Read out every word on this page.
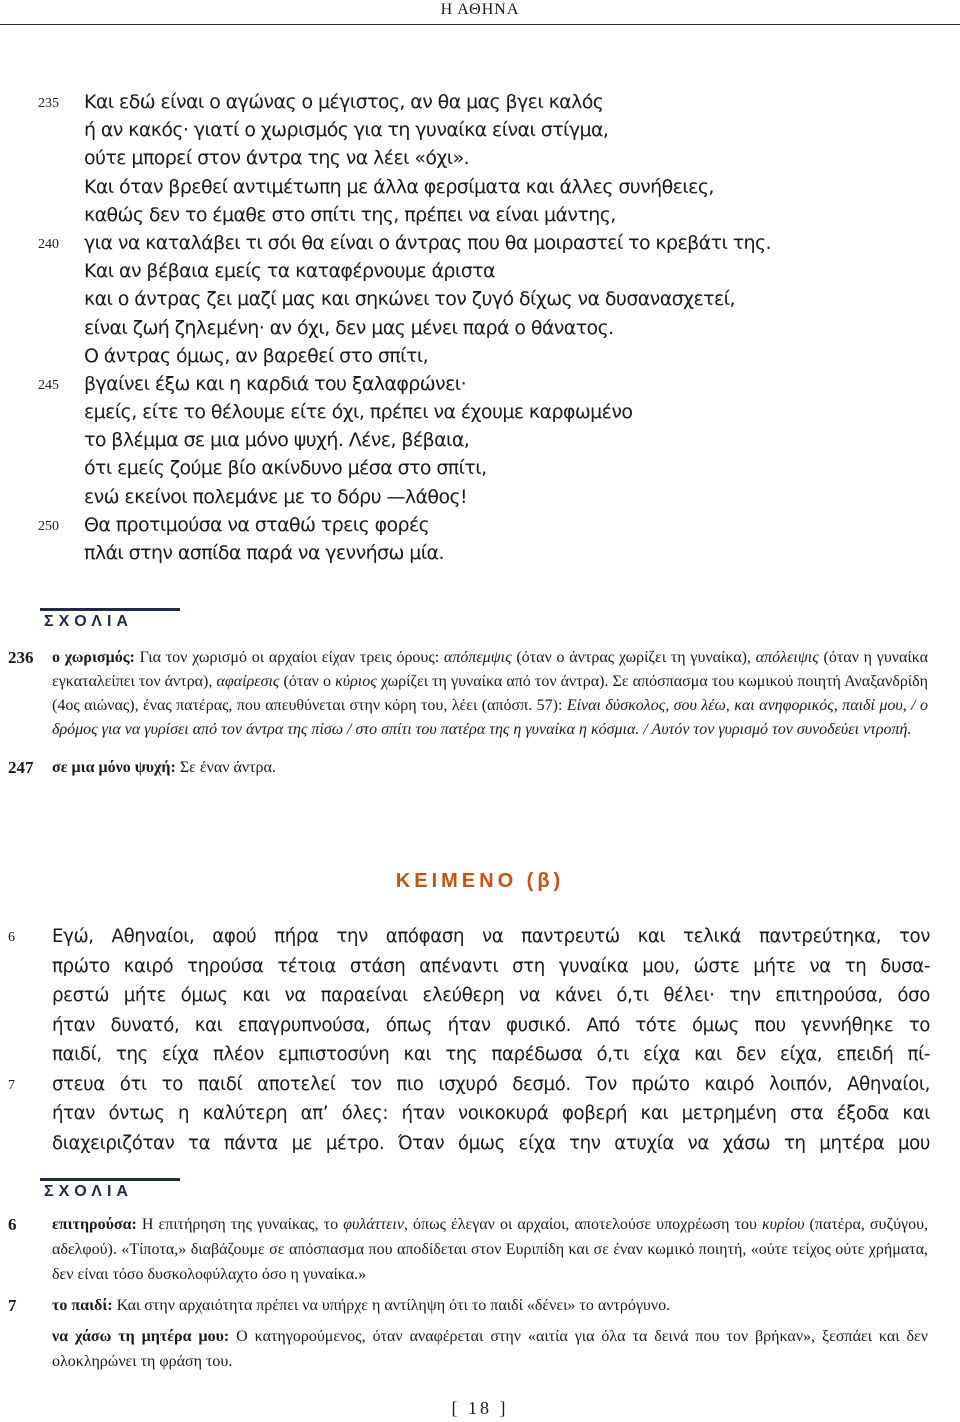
Η ΑΘΗΝΑ
235 Και εδώ είναι ο αγώνας ο μέγιστος, αν θα μας βγει καλός
ή αν κακός· γιατί ο χωρισμός για τη γυναίκα είναι στίγμα,
ούτε μπορεί στον άντρα της να λέει «όχι».
Και όταν βρεθεί αντιμέτωπη με άλλα φερσίματα και άλλες συνήθειες,
καθώς δεν το έμαθε στο σπίτι της, πρέπει να είναι μάντης,
240 για να καταλάβει τι σόι θα είναι ο άντρας που θα μοιραστεί το κρεβάτι της.
Και αν βέβαια εμείς τα καταφέρνουμε άριστα
και ο άντρας ζει μαζί μας και σηκώνει τον ζυγό δίχως να δυσανασχετεί,
είναι ζωή ζηλεμένη· αν όχι, δεν μας μένει παρά ο θάνατος.
Ο άντρας όμως, αν βαρεθεί στο σπίτι,
245 βγαίνει έξω και η καρδιά του ξαλαφρώνει·
εμείς, είτε το θέλουμε είτε όχι, πρέπει να έχουμε καρφωμένο
το βλέμμα σε μια μόνο ψυχή. Λένε, βέβαια,
ότι εμείς ζούμε βίο ακίνδυνο μέσα στο σπίτι,
ενώ εκείνοι πολεμάνε με το δόρυ —λάθος!
250 Θα προτιμούσα να σταθώ τρεις φορές
πλάι στην ασπίδα παρά να γεννήσω μία.
ΣΧΟΛΙΑ
236 ο χωρισμός: Για τον χωρισμό οι αρχαίοι είχαν τρεις όρους: απόπεμψις (όταν ο άντρας χωρίζει τη γυναίκα), απόλειψις (όταν η γυναίκα εγκαταλείπει τον άντρα), αφαίρεσις (όταν ο κύριος χωρίζει τη γυναίκα από τον άντρα). Σε απόσπασμα του κωμικού ποιητή Αναξανδρίδη (4ος αιώνας), ένας πατέρας, που απευθύνεται στην κόρη του, λέει (απόσπ. 57): Είναι δύσκολος, σου λέω, και ανηφορικός, παιδί μου, / ο δρόμος για να γυρίσει από τον άντρα της πίσω / στο σπίτι του πατέρα της η γυναίκα η κόσμια. / Αυτόν τον γυρισμό τον συνοδεύει ντροπή.

247 σε μια μόνο ψυχή: Σε έναν άντρα.

ΚΕΙΜΕΝΟ (β)
6 Εγώ, Αθηναίοι, αφού πήρα την απόφαση να παντρευτώ και τελικά παντρεύτηκα, τον
πρώτο καιρό τηρούσα τέτοια στάση απέναντι στη γυναίκα μου, ώστε μήτε να τη δυσα-
ρεστώ μήτε όμως και να παραείναι ελεύθερη να κάνει ό,τι θέλει· την επιτηρούσα, όσο
ήταν δυνατό, και επαγρυπνούσα, όπως ήταν φυσικό. Από τότε όμως που γεννήθηκε το
παιδί, της είχα πλέον εμπιστοσύνη και της παρέδωσα ό,τι είχα και δεν είχα, επειδή πί-
7 στευα ότι το παιδί αποτελεί τον πιο ισχυρό δεσμό. Τον πρώτο καιρό λοιπόν, Αθηναίοι,
ήταν όντως η καλύτερη απ’ όλες: ήταν νοικοκυρά φοβερή και μετρημένη στα έξοδα και
διαχειριζόταν τα πάντα με μέτρο. Όταν όμως είχα την ατυχία να χάσω τη μητέρα μου
ΣΧΟΛΙΑ
6 επιτηρούσα: Η επιτήρηση της γυναίκας, το φυλάττειν, όπως έλεγαν οι αρχαίοι, αποτελούσε υποχρέωση του κυρίου (πατέρα, συζύγου, αδελφού). «Τίποτα,» διαβάζουμε σε απόσπασμα που αποδίδεται στον Ευριπίδη και σε έναν κωμικό ποιητή, «ούτε τείχος ούτε χρήματα, δεν είναι τόσο δυσκολοφύλαχτο όσο η γυναίκα.»

7 το παιδί: Και στην αρχαιότητα πρέπει να υπήρχε η αντίληψη ότι το παιδί «δένει» το αντρόγυνο.

να χάσω τη μητέρα μου: Ο κατηγορούμενος, όταν αναφέρεται στην «αιτία για όλα τα δεινά που τον βρήκαν», ξεσπάει και δεν ολοκληρώνει τη φράση του.

[ 18 ]
